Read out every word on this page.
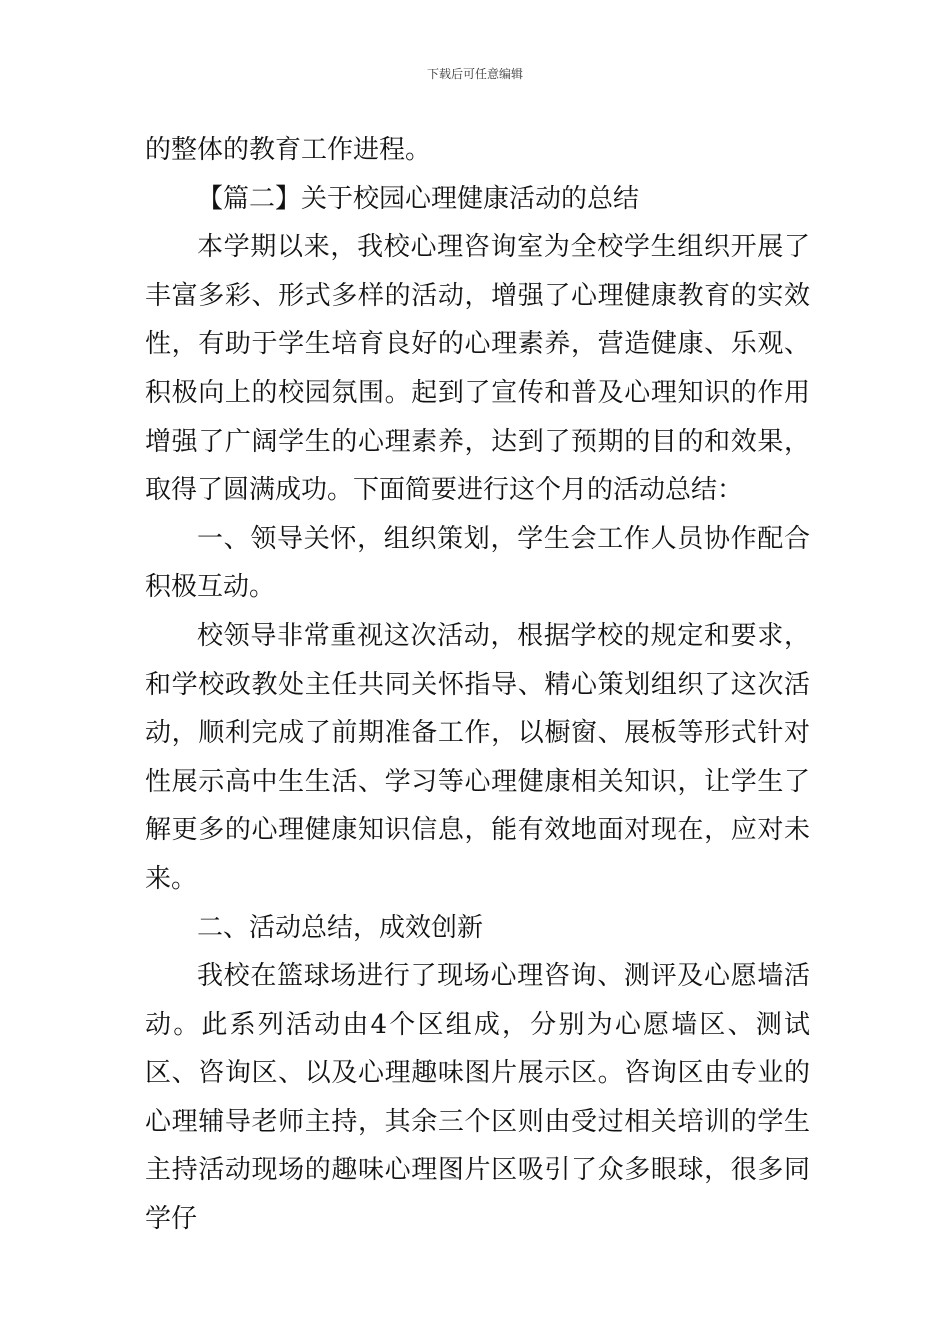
下载后可任意编辑

的整体的教育工作进程。

【篇二】关于校园心理健康活动的总结

本学期以来，我校心理咨询室为全校学生组织开展了丰富多彩、形式多样的活动，增强了心理健康教育的实效性，有助于学生培育良好的心理素养，营造健康、乐观、积极向上的校园氛围。起到了宣传和普及心理知识的作用增强了广阔学生的心理素养，达到了预期的目的和效果，取得了圆满成功。下面简要进行这个月的活动总结：

一、领导关怀，组织策划，学生会工作人员协作配合积极互动。

校领导非常重视这次活动，根据学校的规定和要求，和学校政教处主任共同关怀指导、精心策划组织了这次活动，顺利完成了前期准备工作，以橱窗、展板等形式针对性展示高中生生活、学习等心理健康相关知识，让学生了解更多的心理健康知识信息，能有效地面对现在，应对未来。

二、活动总结，成效创新

我校在篮球场进行了现场心理咨询、测评及心愿墙活动。此系列活动由4个区组成，分别为心愿墙区、测试区、咨询区、以及心理趣味图片展示区。咨询区由专业的心理辅导老师主持，其余三个区则由受过相关培训的学生主持活动现场的趣味心理图片区吸引了众多眼球，很多同学仔
